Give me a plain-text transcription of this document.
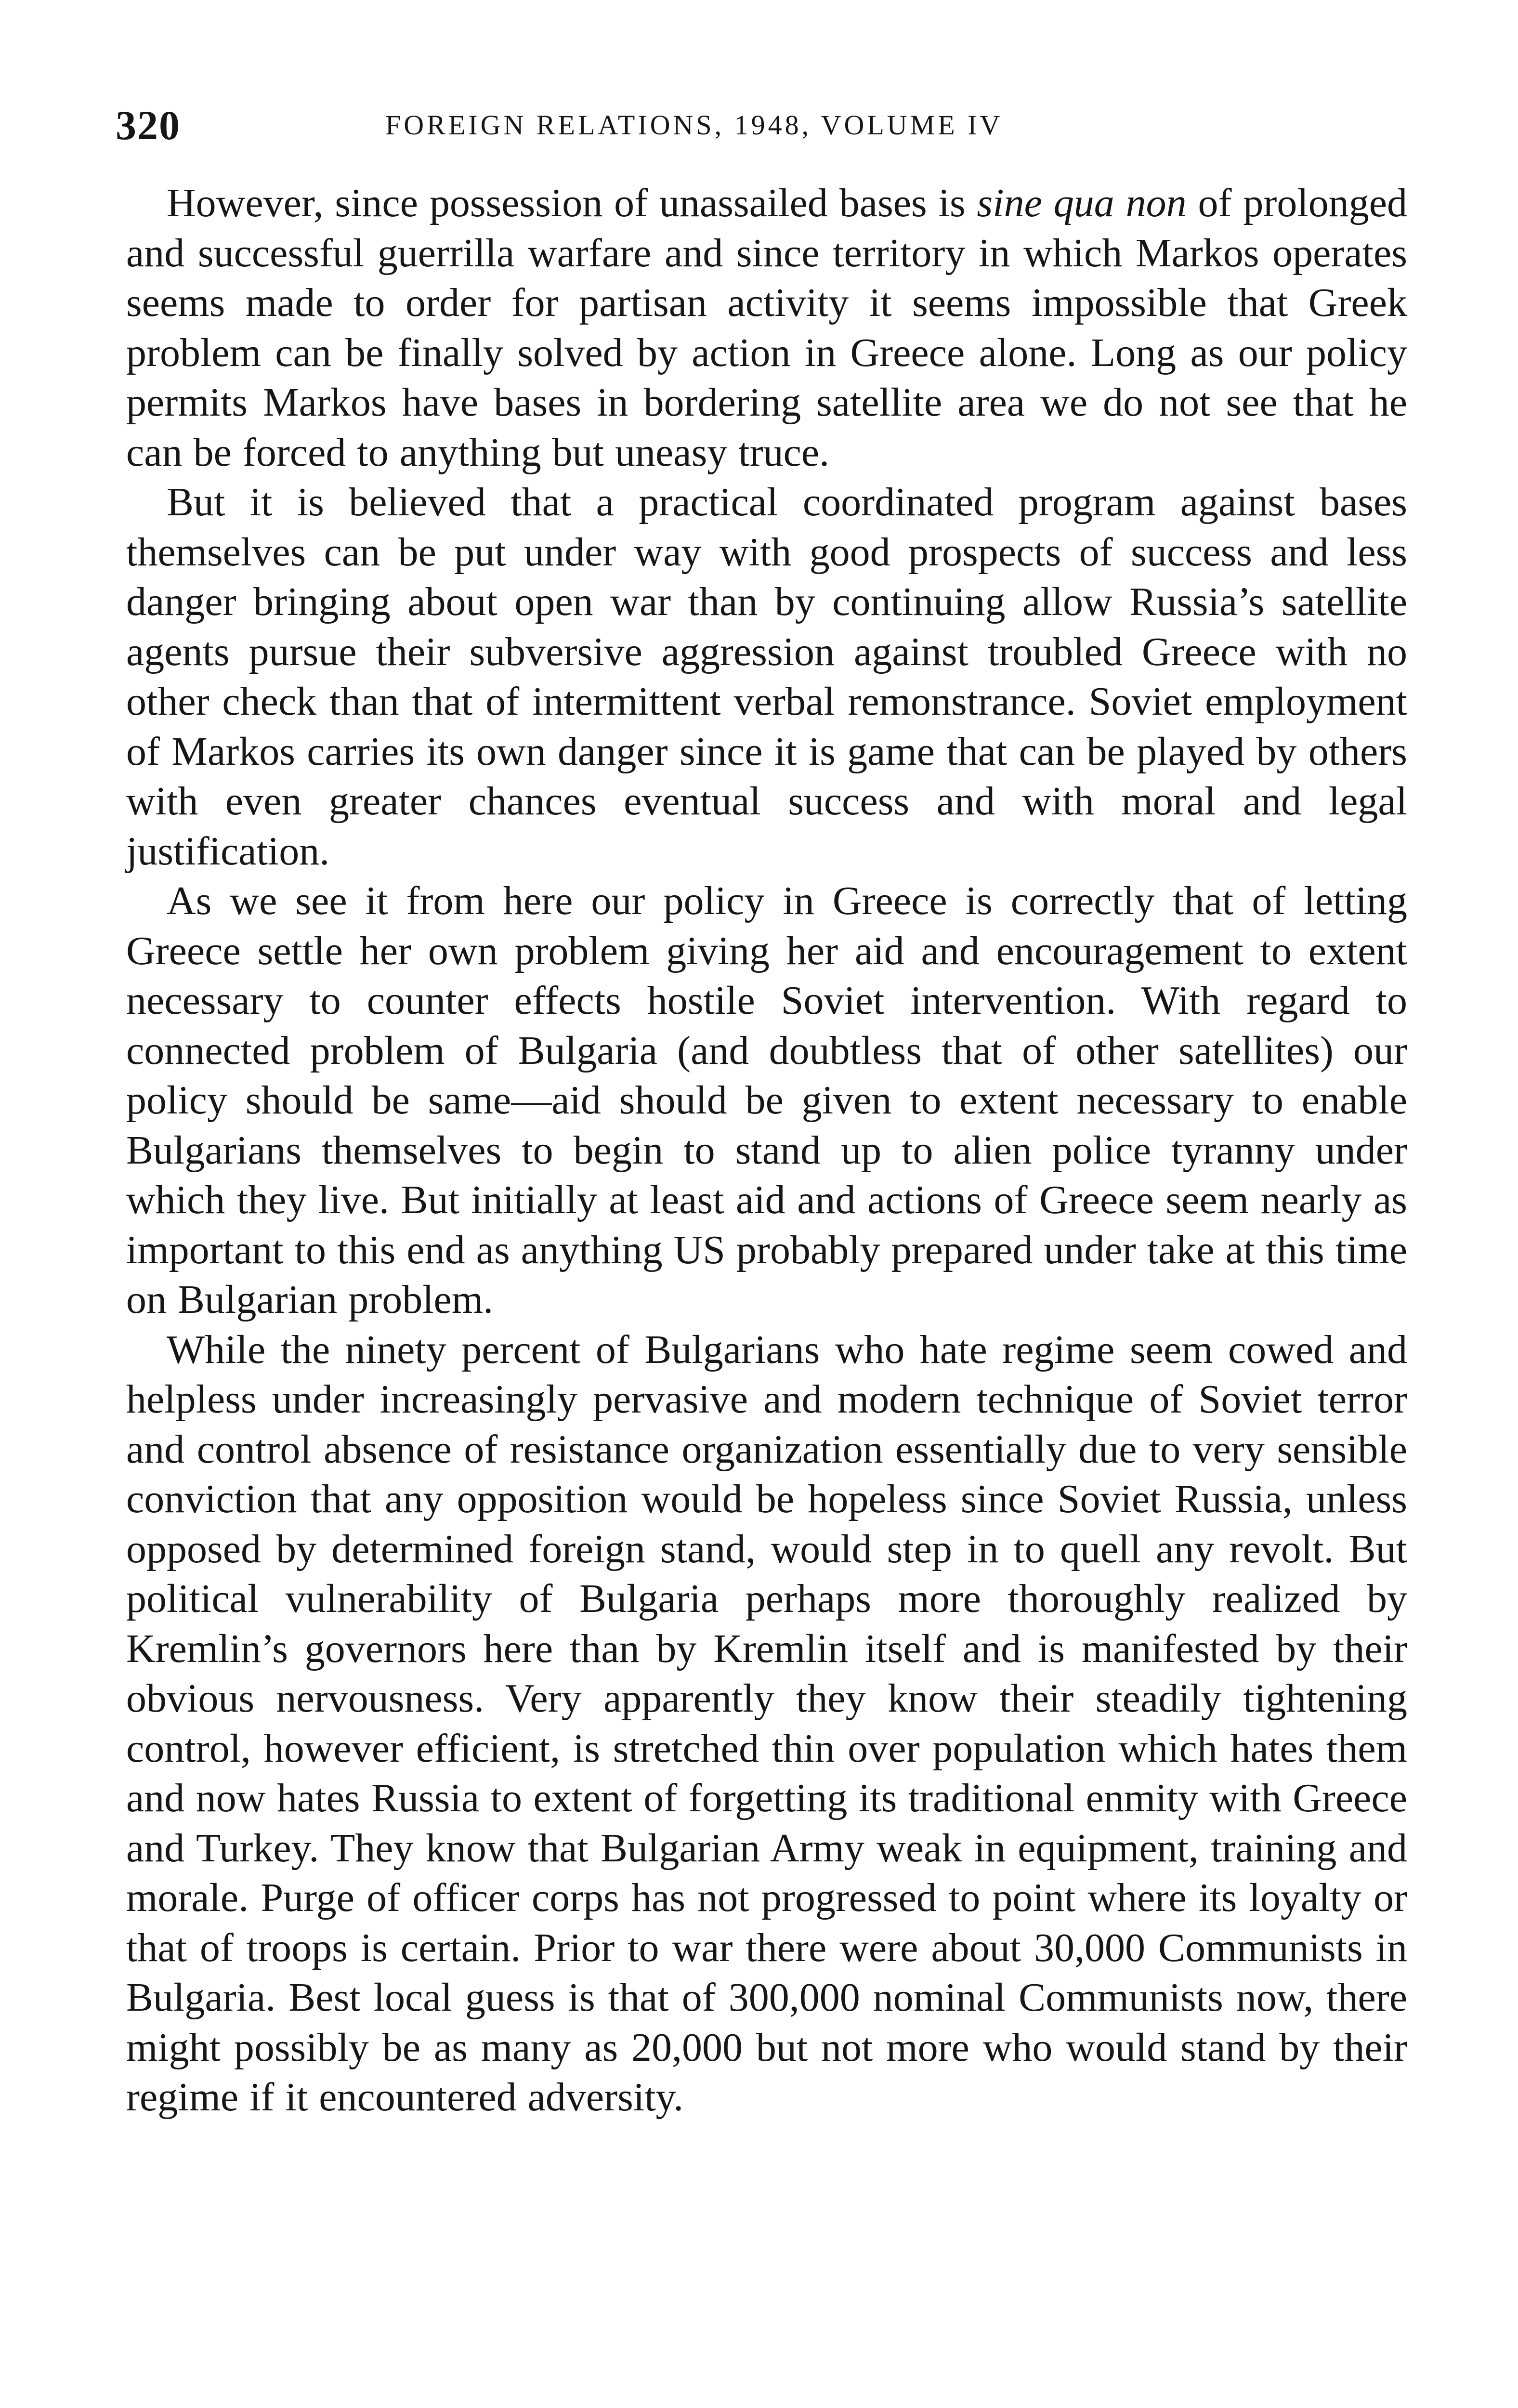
320	FOREIGN RELATIONS, 1948, VOLUME IV

However, since possession of unassailed bases is sine qua non of prolonged and successful guerrilla warfare and since territory in which Markos operates seems made to order for partisan activity it seems impossible that Greek problem can be finally solved by action in Greece alone. Long as our policy permits Markos have bases in bordering satellite area we do not see that he can be forced to anything but uneasy truce.

But it is believed that a practical coordinated program against bases themselves can be put under way with good prospects of success and less danger bringing about open war than by continuing allow Russia’s satellite agents pursue their subversive aggression against troubled Greece with no other check than that of intermittent verbal remonstrance. Soviet employment of Markos carries its own danger since it is game that can be played by others with even greater chances eventual success and with moral and legal justification.

As we see it from here our policy in Greece is correctly that of letting Greece settle her own problem giving her aid and encouragement to extent necessary to counter effects hostile Soviet intervention. With regard to connected problem of Bulgaria (and doubtless that of other satellites) our policy should be same—aid should be given to extent necessary to enable Bulgarians themselves to begin to stand up to alien police tyranny under which they live. But initially at least aid and actions of Greece seem nearly as important to this end as anything US probably prepared under take at this time on Bulgarian problem.

While the ninety percent of Bulgarians who hate regime seem cowed and helpless under increasingly pervasive and modern technique of Soviet terror and control absence of resistance organization essentially due to very sensible conviction that any opposition would be hopeless since Soviet Russia, unless opposed by determined foreign stand, would step in to quell any revolt. But political vulnerability of Bulgaria perhaps more thoroughly realized by Kremlin’s governors here than by Kremlin itself and is manifested by their obvious nervousness. Very apparently they know their steadily tightening control, however efficient, is stretched thin over population which hates them and now hates Russia to extent of forgetting its traditional enmity with Greece and Turkey. They know that Bulgarian Army weak in equipment, training and morale. Purge of officer corps has not progressed to point where its loyalty or that of troops is certain. Prior to war there were about 30,000 Communists in Bulgaria. Best local guess is that of 300,000 nominal Communists now, there might possibly be as many as 20,000 but not more who would stand by their regime if it encountered adversity.
